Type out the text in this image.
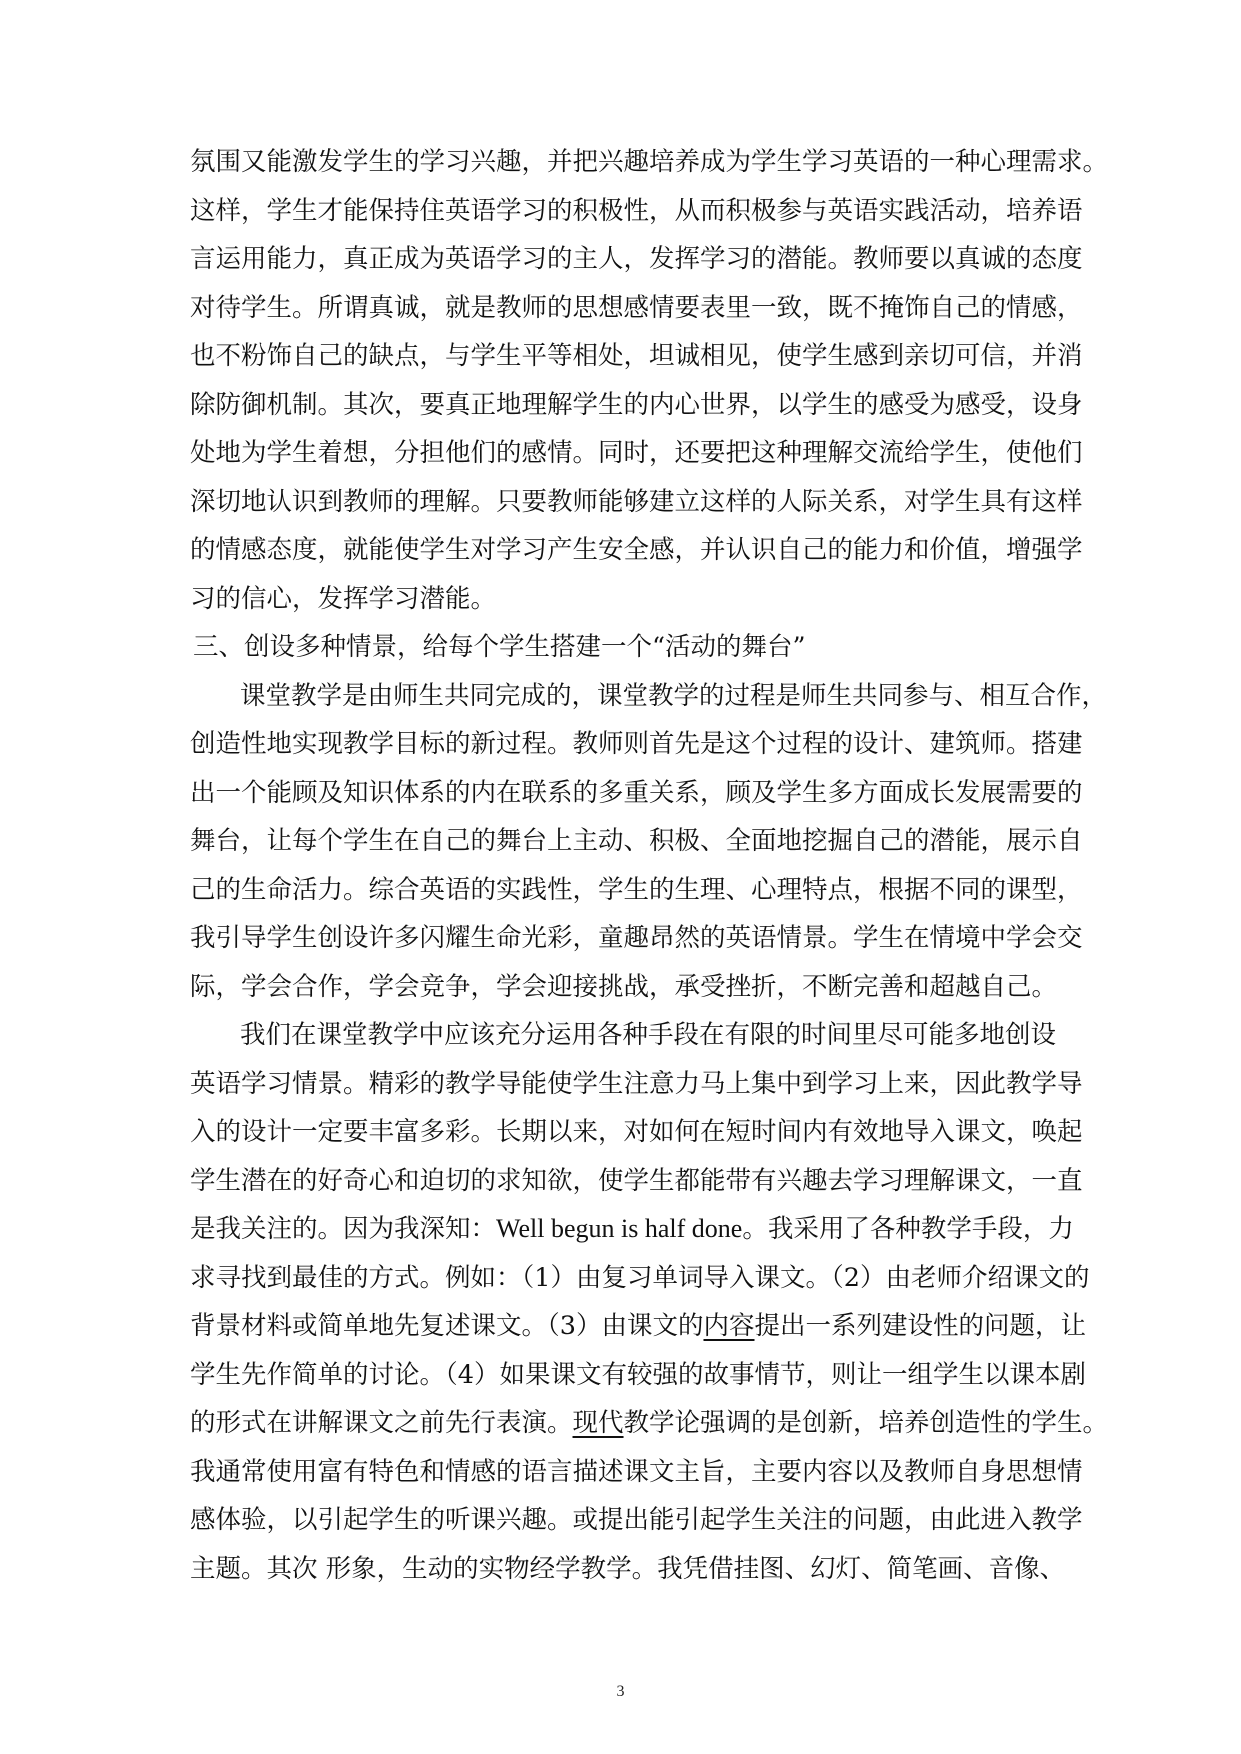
氛围又能激发学生的学习兴趣，并把兴趣培养成为学生学习英语的一种心理需求。
这样，学生才能保持住英语学习的积极性，从而积极参与英语实践活动，培养语
言运用能力，真正成为英语学习的主人，发挥学习的潜能。教师要以真诚的态度
对待学生。所谓真诚，就是教师的思想感情要表里一致，既不掩饰自己的情感，
也不粉饰自己的缺点，与学生平等相处，坦诚相见，使学生感到亲切可信，并消
除防御机制。其次，要真正地理解学生的内心世界，以学生的感受为感受，设身
处地为学生着想，分担他们的感情。同时，还要把这种理解交流给学生，使他们
深切地认识到教师的理解。只要教师能够建立这样的人际关系，对学生具有这样
的情感态度，就能使学生对学习产生安全感，并认识自己的能力和价值，增强学
习的信心，发挥学习潜能。
三、创设多种情景，给每个学生搭建一个“活动的舞台”
课堂教学是由师生共同完成的，课堂教学的过程是师生共同参与、相互合作，
创造性地实现教学目标的新过程。教师则首先是这个过程的设计、建筑师。搭建
出一个能顾及知识体系的内在联系的多重关系，顾及学生多方面成长发展需要的
舞台，让每个学生在自己的舞台上主动、积极、全面地挖掘自己的潜能，展示自
己的生命活力。综合英语的实践性，学生的生理、心理特点，根据不同的课型，
我引导学生创设许多闪耀生命光彩，童趣昂然的英语情景。学生在情境中学会交
际，学会合作，学会竞争，学会迎接挑战，承受挫折，不断完善和超越自己。
我们在课堂教学中应该充分运用各种手段在有限的时间里尽可能多地创设
英语学习情景。精彩的教学导能使学生注意力马上集中到学习上来，因此教学导
入的设计一定要丰富多彩。长期以来，对如何在短时间内有效地导入课文，唤起
学生潜在的好奇心和迫切的求知欲，使学生都能带有兴趣去学习理解课文，一直
是我关注的。因为我深知：Well begun is half done。我采用了各种教学手段，力
求寻找到最佳的方式。例如：（1）由复习单词导入课文。（2）由老师介绍课文的
背景材料或简单地先复述课文。（3）由课文的内容提出一系列建设性的问题，让
学生先作简单的讨论。（4）如果课文有较强的故事情节，则让一组学生以课本剧
的形式在讲解课文之前先行表演。现代教学论强调的是创新，培养创造性的学生。
我通常使用富有特色和情感的语言描述课文主旨，主要内容以及教师自身思想情
感体验，以引起学生的听课兴趣。或提出能引起学生关注的问题，由此进入教学
主题。其次 形象，生动的实物经学教学。我凭借挂图、幻灯、简笔画、音像、
3
